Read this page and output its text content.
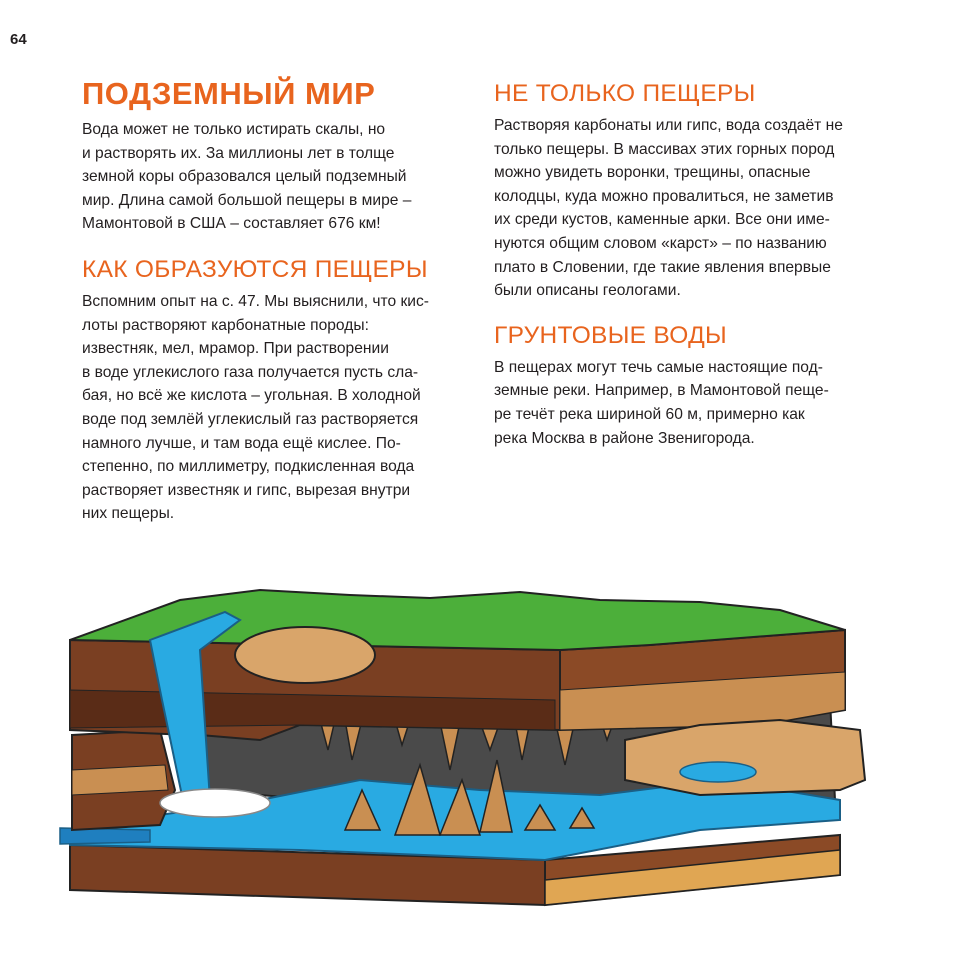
64
ПОДЗЕМНЫЙ МИР
Вода может не только истирать скалы, но
и растворять их. За миллионы лет в толще
земной коры образовался целый подземный
мир. Длина самой большой пещеры в мире –
Мамонтовой в США – составляет 676 км!
КАК ОБРАЗУЮТСЯ ПЕЩЕРЫ
Вспомним опыт на с. 47. Мы выяснили, что кис-
лоты растворяют карбонатные породы:
известняк, мел, мрамор. При растворении
в воде углекислого газа получается пусть сла-
бая, но всё же кислота – угольная. В холодной
воде под землёй углекислый газ растворяется
намного лучше, и там вода ещё кислее. По-
степенно, по миллиметру, подкисленная вода
растворяет известняк и гипс, вырезая внутри
них пещеры.
НЕ ТОЛЬКО ПЕЩЕРЫ
Растворяя карбонаты или гипс, вода создаёт не
только пещеры. В массивах этих горных пород
можно увидеть воронки, трещины, опасные
колодцы, куда можно провалиться, не заметив
их среди кустов, каменные арки. Все они име-
нуются общим словом «карст» – по названию
плато в Словении, где такие явления впервые
были описаны геологами.
ГРУНТОВЫЕ ВОДЫ
В пещерах могут течь самые настоящие под-
земные реки. Например, в Мамонтовой пеще-
ре течёт река шириной 60 м, примерно как
река Москва в районе Звенигорода.
